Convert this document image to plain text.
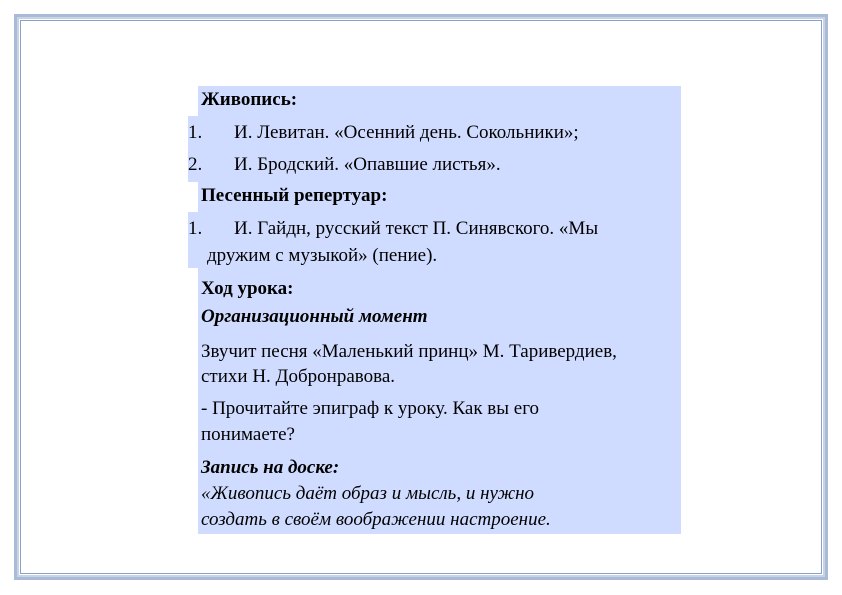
Живопись:
1. И. Левитан. «Осенний день. Сокольники»;
2. И. Бродский. «Опавшие листья».
Песенный репертуар:
1. И. Гайдн, русский текст П. Синявского. «Мы
дружим с музыкой» (пение).
Ход урока:
Организационный момент
Звучит песня «Маленький принц» М. Таривердиев,
стихи Н. Добронравова.
- Прочитайте эпиграф к уроку. Как вы его
понимаете?
Запись на доске:
«Живопись даёт образ и мысль, и нужно
создать в своём воображении настроение.
